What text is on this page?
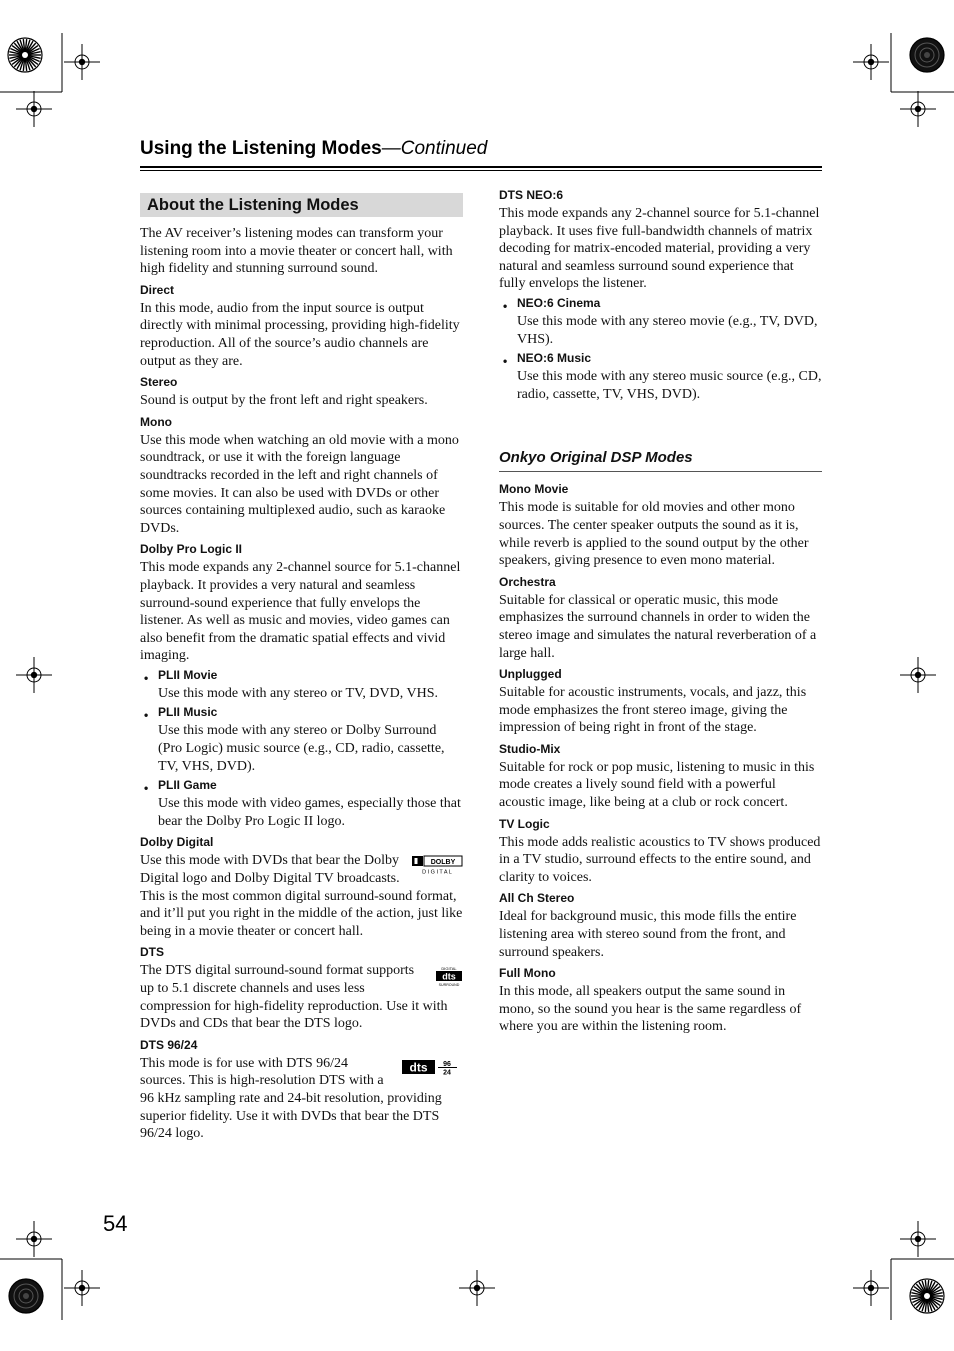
Using the Listening Modes—Continued
About the Listening Modes

The AV receiver’s listening modes can transform your listening room into a movie theater or concert hall, with high fidelity and stunning surround sound.

Direct

In this mode, audio from the input source is output directly with minimal processing, providing high-fidelity reproduction. All of the source’s audio channels are output as they are.

Stereo

Sound is output by the front left and right speakers.

Mono

Use this mode when watching an old movie with a mono soundtrack, or use it with the foreign language soundtracks recorded in the left and right channels of some movies. It can also be used with DVDs or other sources containing multiplexed audio, such as karaoke DVDs.

Dolby Pro Logic II

This mode expands any 2-channel source for 5.1-channel playback. It provides a very natural and seamless surround-sound experience that fully envelops the listener. As well as music and movies, video games can also benefit from the dramatic spatial effects and vivid imaging.

• PLII Movie

Use this mode with any stereo or TV, DVD, VHS.

• PLII Music

Use this mode with any stereo or Dolby Surround (Pro Logic) music source (e.g., CD, radio, cassette, TV, VHS, DVD).

• PLII Game

Use this mode with video games, especially those that bear the Dolby Pro Logic II logo.

Dolby Digital
DOLBY
D I G I T A L

Use this mode with DVDs that bear the Dolby Digital logo and Dolby Digital TV broadcasts. This is the most common digital surround-sound format, and it’ll put you right in the middle of the action, just like being in a movie theater or concert hall.

DTS
DIGITAL
dts
SURROUND

The DTS digital surround-sound format supports up to 5.1 discrete channels and uses less compression for high-fidelity reproduction. Use it with DVDs and CDs that bear the DTS logo.

DTS 96/24
dts 96
24

This mode is for use with DTS 96/24 sources. This is high-resolution DTS with a 96 kHz sampling rate and 24-bit resolution, providing superior fidelity. Use it with DVDs that bear the DTS 96/24 logo.

DTS NEO:6

This mode expands any 2-channel source for 5.1-channel playback. It uses five full-bandwidth channels of matrix decoding for matrix-encoded material, providing a very natural and seamless surround sound experience that fully envelops the listener.

• NEO:6 Cinema

Use this mode with any stereo movie (e.g., TV, DVD, VHS).

• NEO:6 Music

Use this mode with any stereo music source (e.g., CD, radio, cassette, TV, VHS, DVD).

Onkyo Original DSP Modes
Mono Movie

This mode is suitable for old movies and other mono sources. The center speaker outputs the sound as it is, while reverb is applied to the sound output by the other speakers, giving presence to even mono material.

Orchestra

Suitable for classical or operatic music, this mode emphasizes the surround channels in order to widen the stereo image and simulates the natural reverberation of a large hall.

Unplugged

Suitable for acoustic instruments, vocals, and jazz, this mode emphasizes the front stereo image, giving the impression of being right in front of the stage.

Studio-Mix

Suitable for rock or pop music, listening to music in this mode creates a lively sound field with a powerful acoustic image, like being at a club or rock concert.

TV Logic

This mode adds realistic acoustics to TV shows produced in a TV studio, surround effects to the entire sound, and clarity to voices.

All Ch Stereo

Ideal for background music, this mode fills the entire listening area with stereo sound from the front, and surround speakers.

Full Mono

In this mode, all speakers output the same sound in mono, so the sound you hear is the same regardless of where you are within the listening room.

54
